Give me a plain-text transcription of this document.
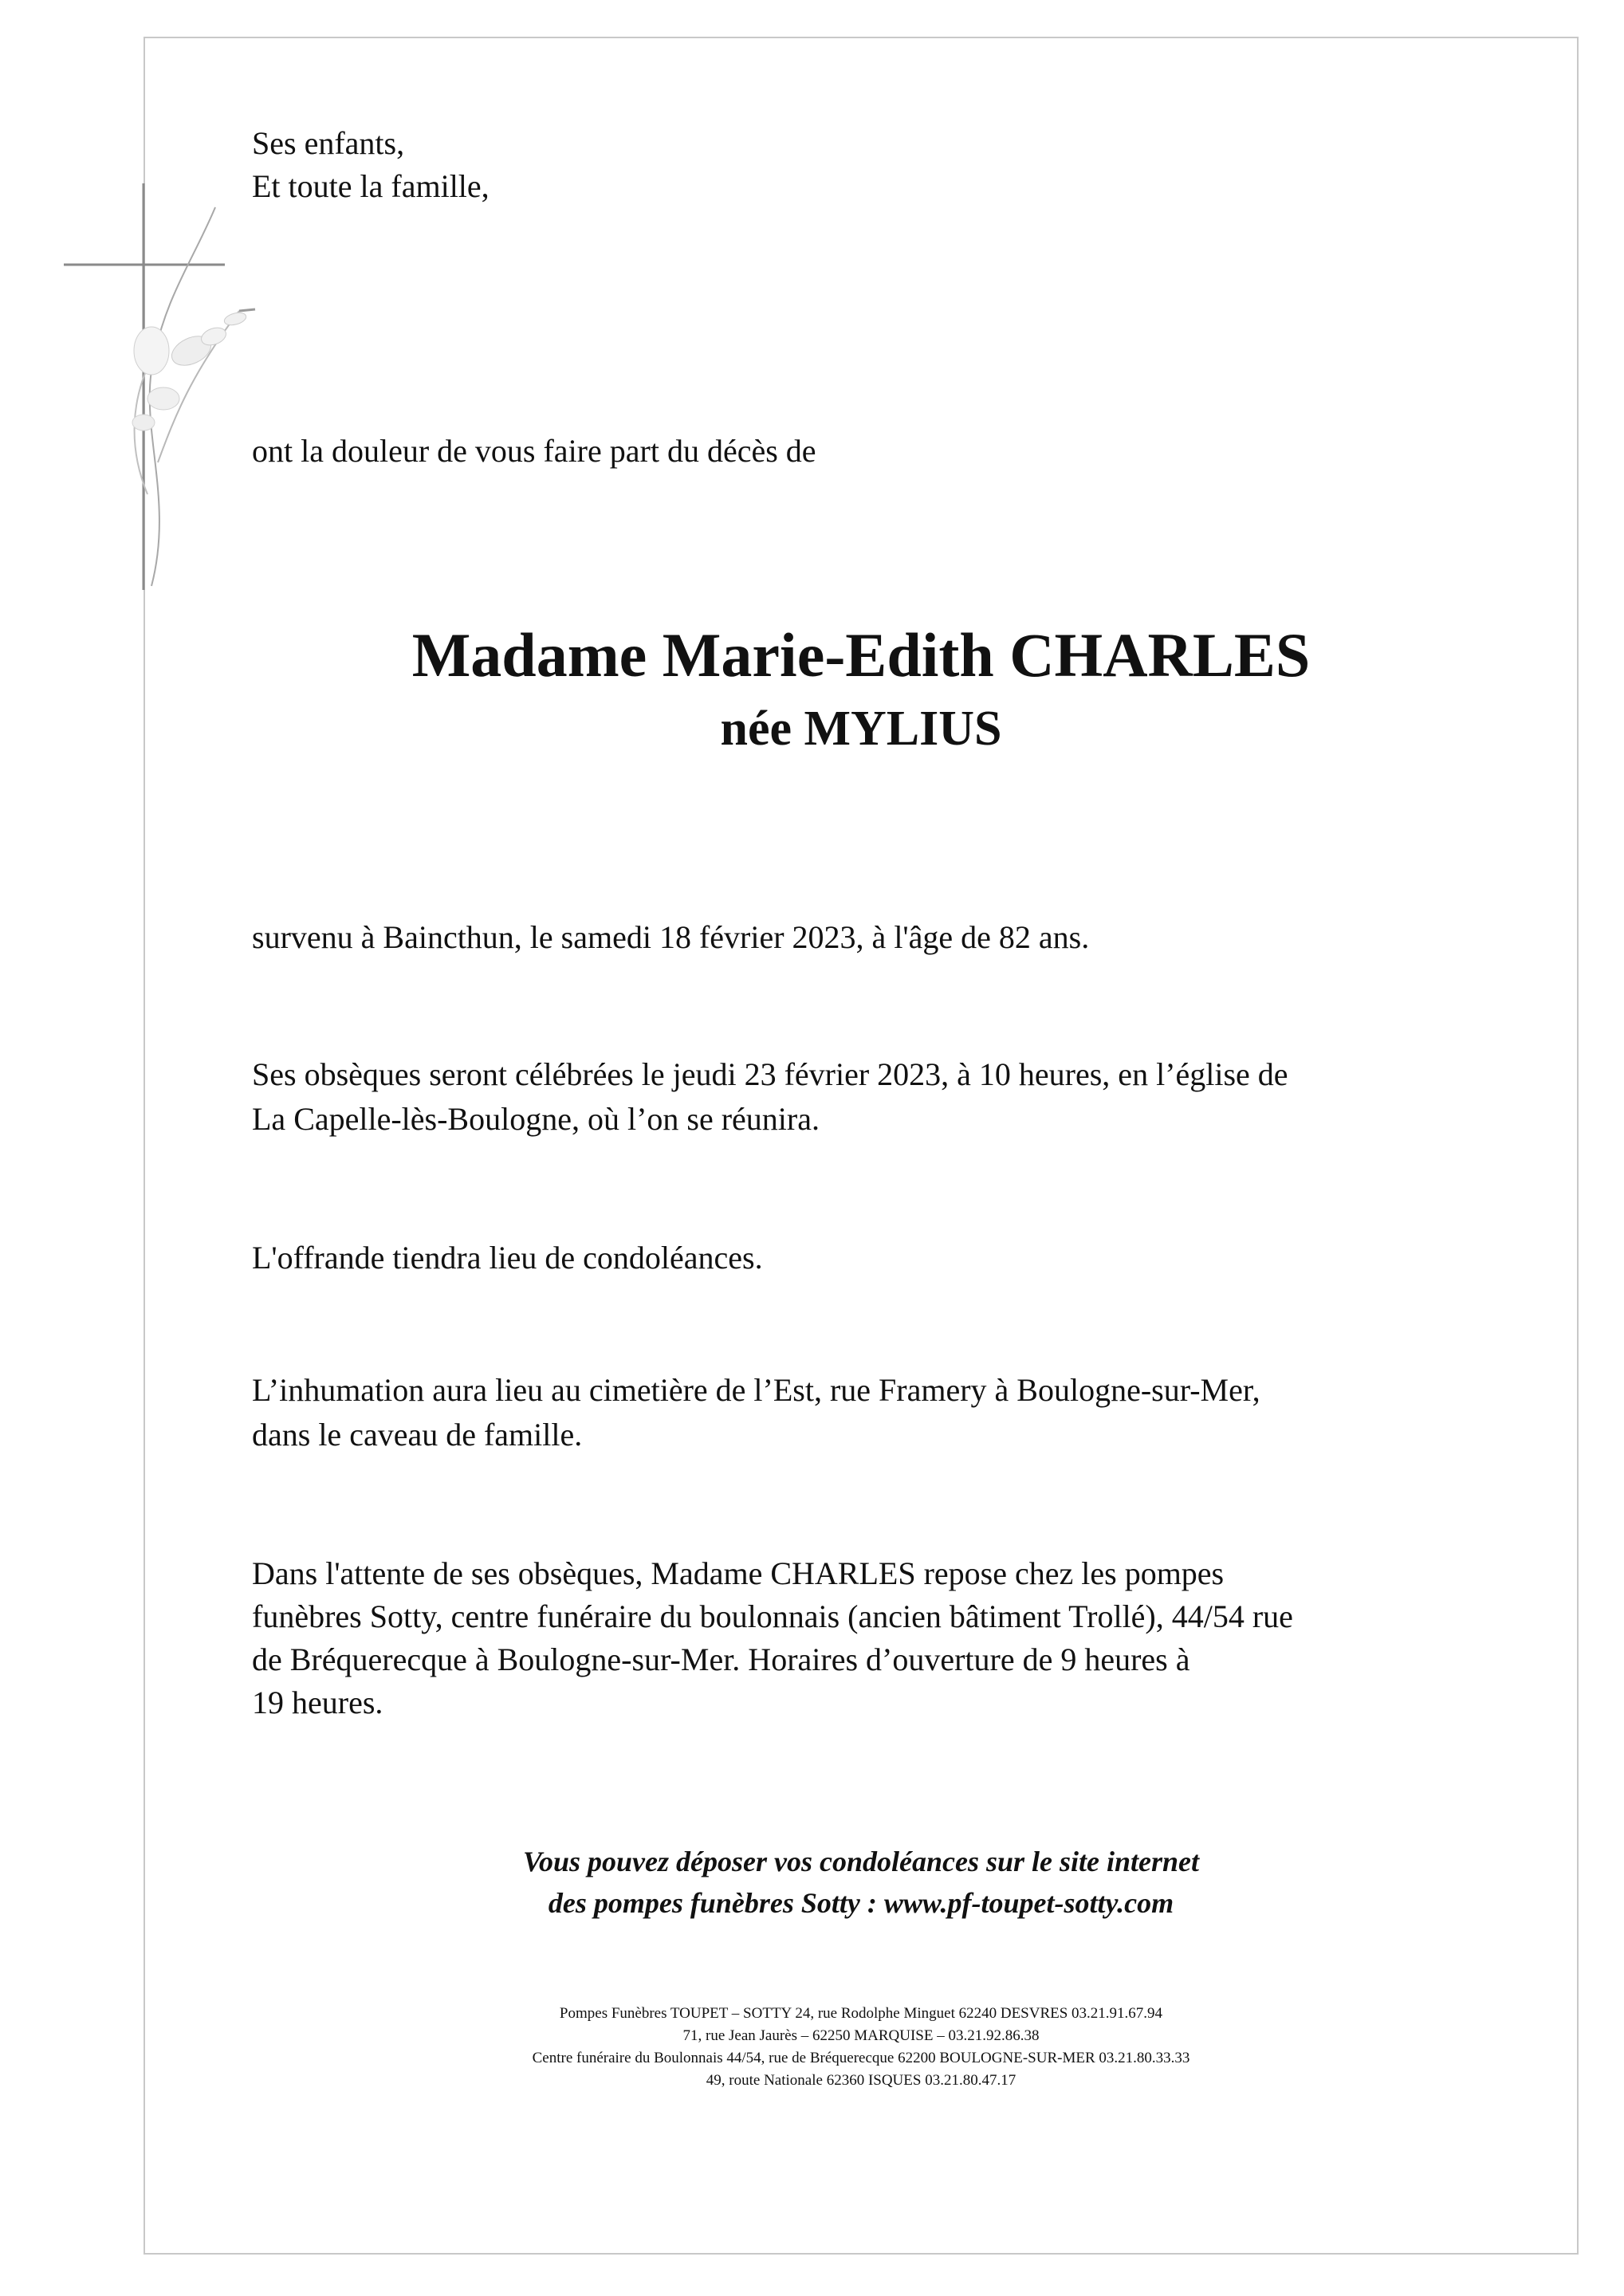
Ses enfants,

Et toute la famille,

ont la douleur de vous faire part du décès de

Madame Marie-Edith CHARLES
née MYLIUS

survenu à Baincthun, le samedi 18 février 2023, à l'âge de 82 ans.

Ses obsèques seront célébrées le jeudi 23 février 2023, à 10 heures, en l’église de

La Capelle-lès-Boulogne, où l’on se réunira.

L'offrande tiendra lieu de condoléances.

L’inhumation aura lieu au cimetière de l’Est, rue Framery à Boulogne-sur-Mer,

dans le caveau de famille.

Dans l'attente de ses obsèques, Madame CHARLES repose chez les pompes

funèbres Sotty, centre funéraire du boulonnais (ancien bâtiment Trollé), 44/54 rue

de Bréquerecque à Boulogne-sur-Mer. Horaires d’ouverture de 9 heures à

19 heures.

Vous pouvez déposer vos condoléances sur le site internet

des pompes funèbres Sotty : www.pf-toupet-sotty.com

Pompes Funèbres TOUPET – SOTTY 24, rue Rodolphe Minguet 62240 DESVRES 03.21.91.67.94

71, rue Jean Jaurès – 62250 MARQUISE – 03.21.92.86.38

Centre funéraire du Boulonnais 44/54, rue de Bréquerecque 62200 BOULOGNE-SUR-MER 03.21.80.33.33

49, route Nationale 62360 ISQUES 03.21.80.47.17
